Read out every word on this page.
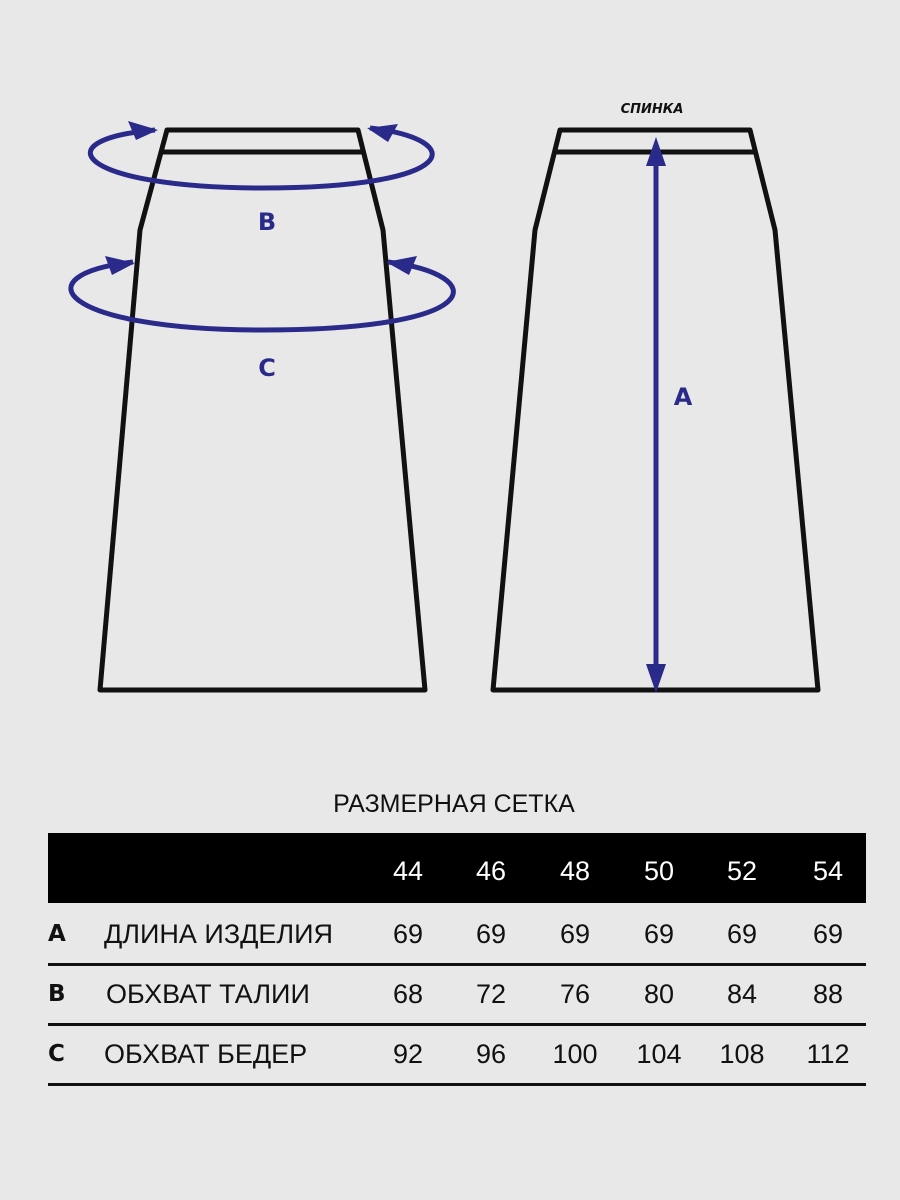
B
C
СПИНКА
A
РАЗМЕРНАЯ СЕТКА
44	46	48	50	52	54
A ДЛИНА ИЗДЕЛИЯ	69	69	69	69	69	69
B ОБХВАТ ТАЛИИ	68	72	76	80	84	88
C ОБХВАТ БЕДЕР	92	96	100	104	108	112
